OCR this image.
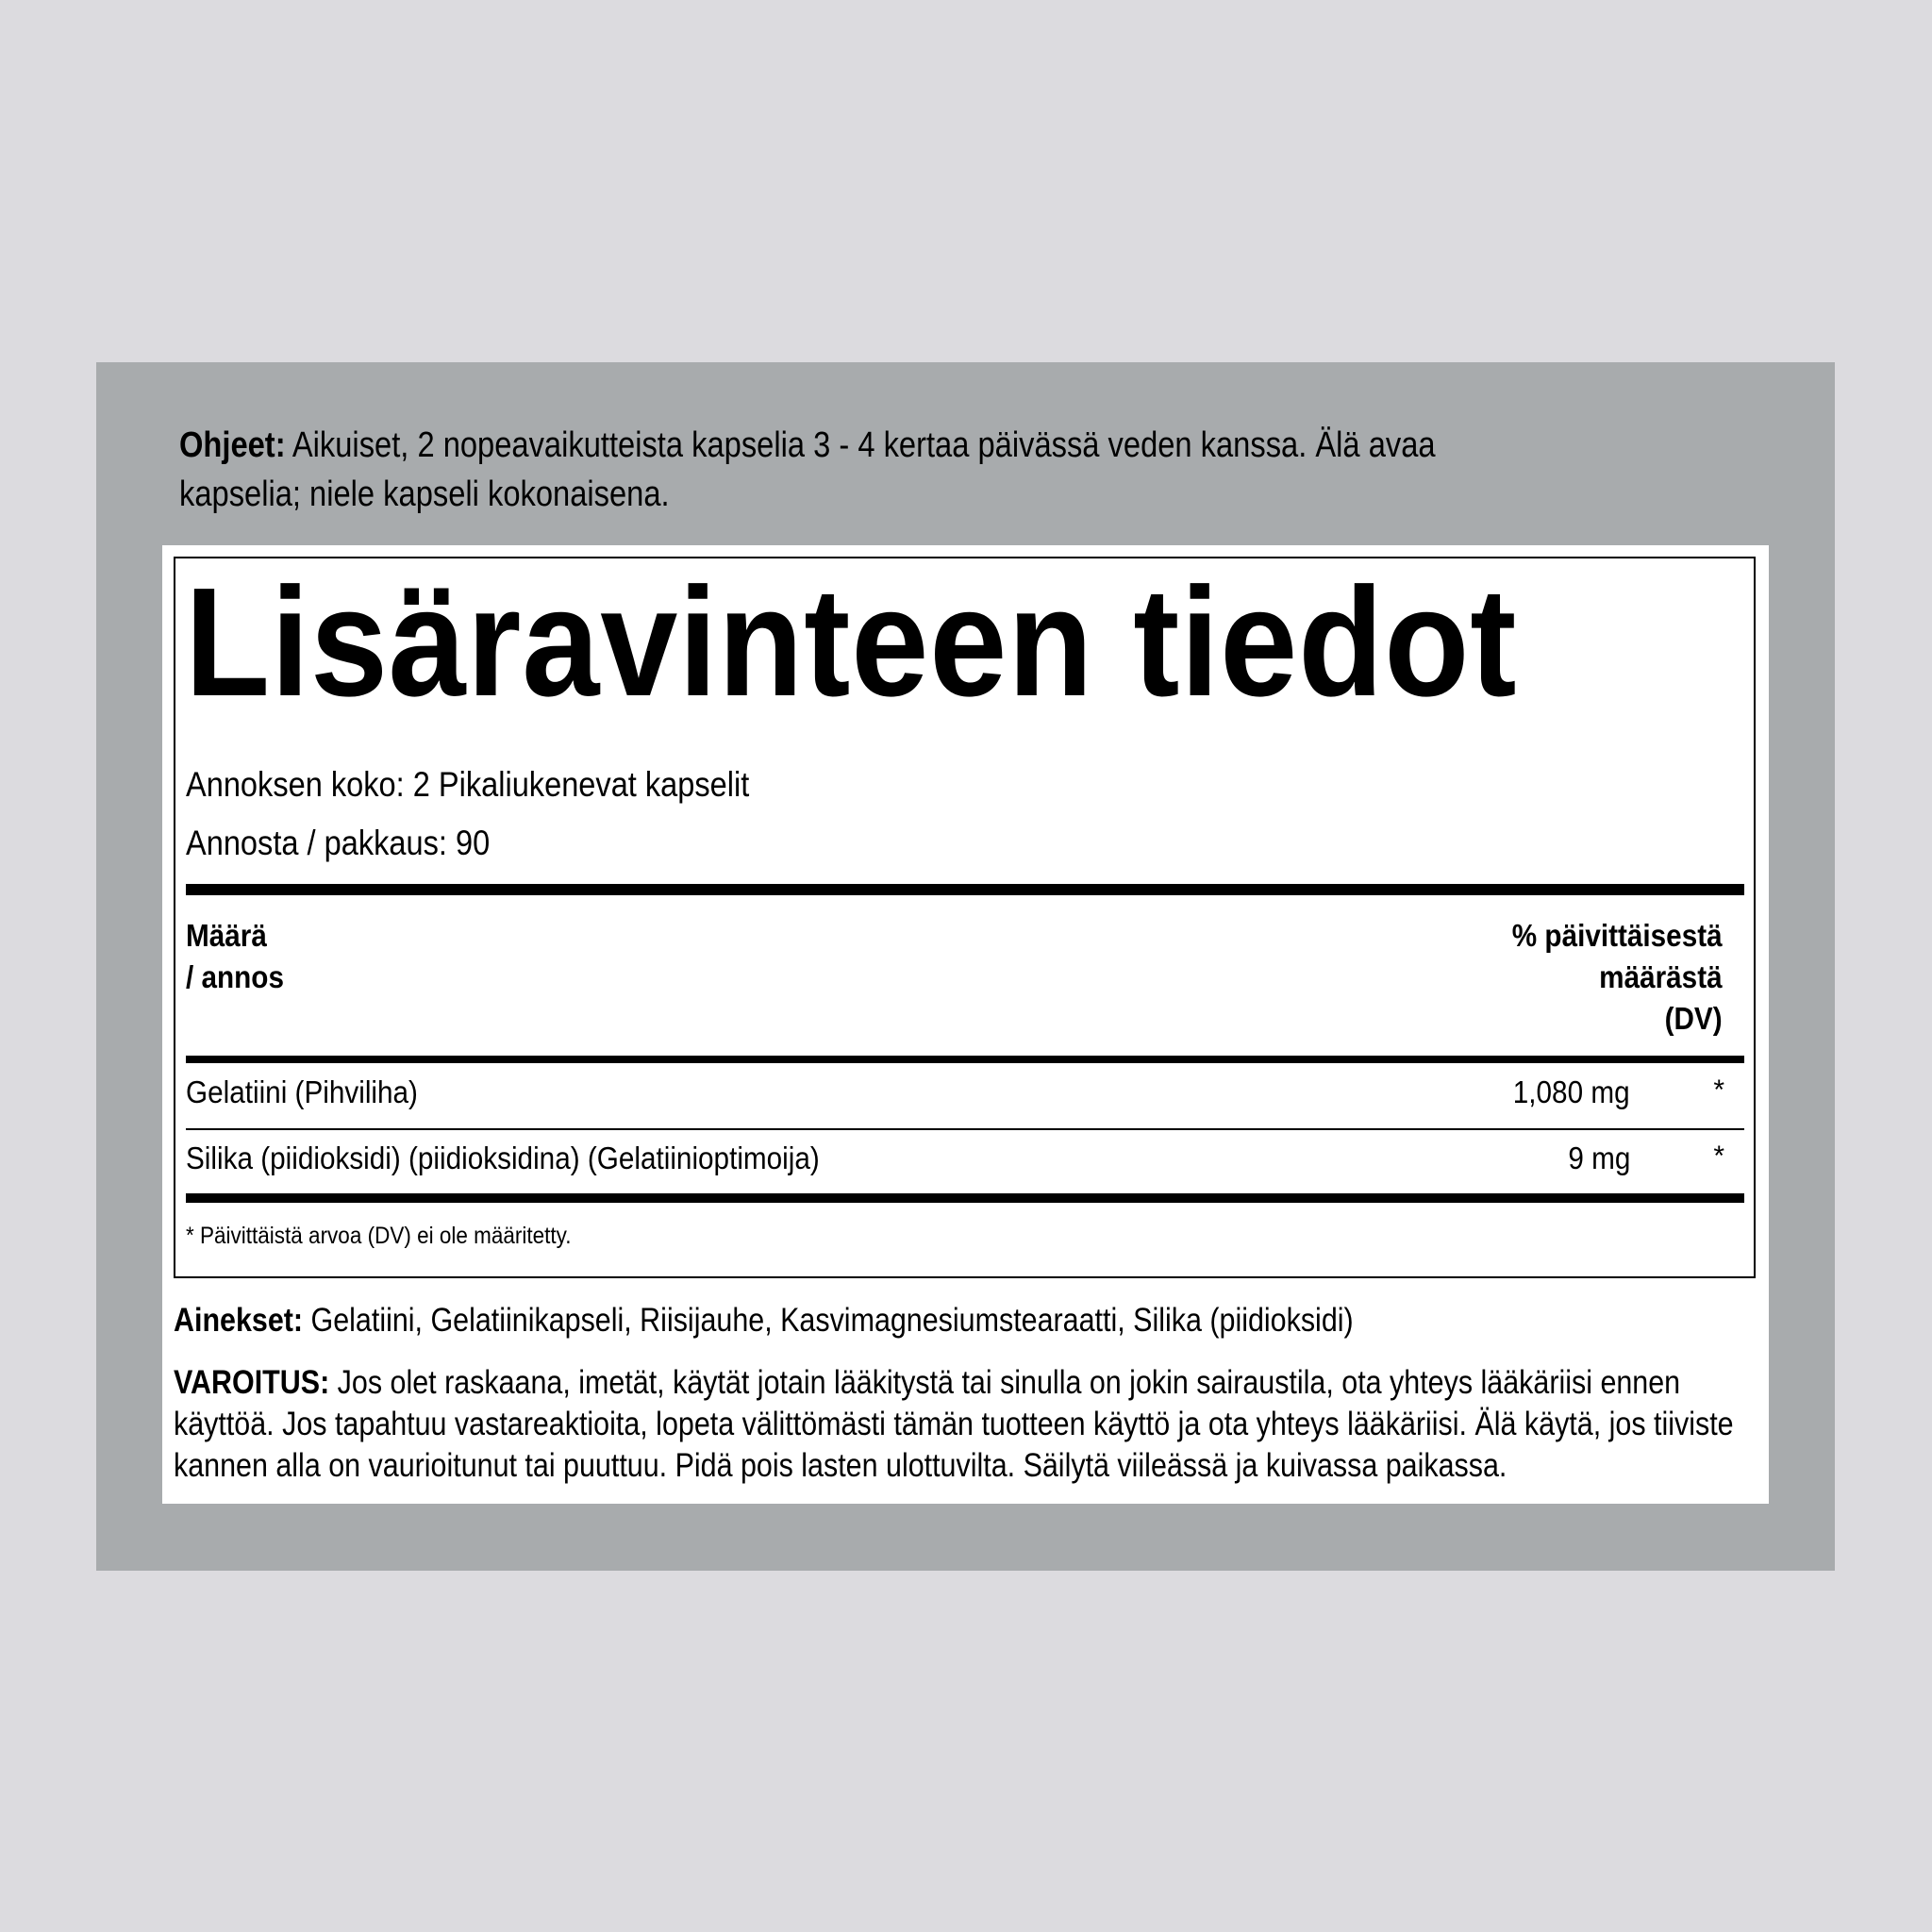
Ohjeet: Aikuiset, 2 nopeavaikutteista kapselia 3 - 4 kertaa päivässä veden kanssa. Älä avaa kapselia; niele kapseli kokonaisena.
Lisäravinteen tiedot
Annoksen koko: 2 Pikaliukenevat kapselit
Annosta / pakkaus: 90
Määrä
/ annos
% päivittäisestä
määrästä
(DV)
Gelatiini (Pihviliha)	1,080 mg	*
Silika (piidioksidi) (piidioksidina) (Gelatiinioptimoija)	9 mg	*
* Päivittäistä arvoa (DV) ei ole määritetty.
Ainekset: Gelatiini, Gelatiinikapseli, Riisijauhe, Kasvimagnesiumstearaatti, Silika (piidioksidi)
VAROITUS: Jos olet raskaana, imetät, käytät jotain lääkitystä tai sinulla on jokin sairaustila, ota yhteys lääkäriisi ennen käyttöä. Jos tapahtuu vastareaktioita, lopeta välittömästi tämän tuotteen käyttö ja ota yhteys lääkäriisi. Älä käytä, jos tiiviste kannen alla on vaurioitunut tai puuttuu. Pidä pois lasten ulottuvilta. Säilytä viileässä ja kuivassa paikassa.
